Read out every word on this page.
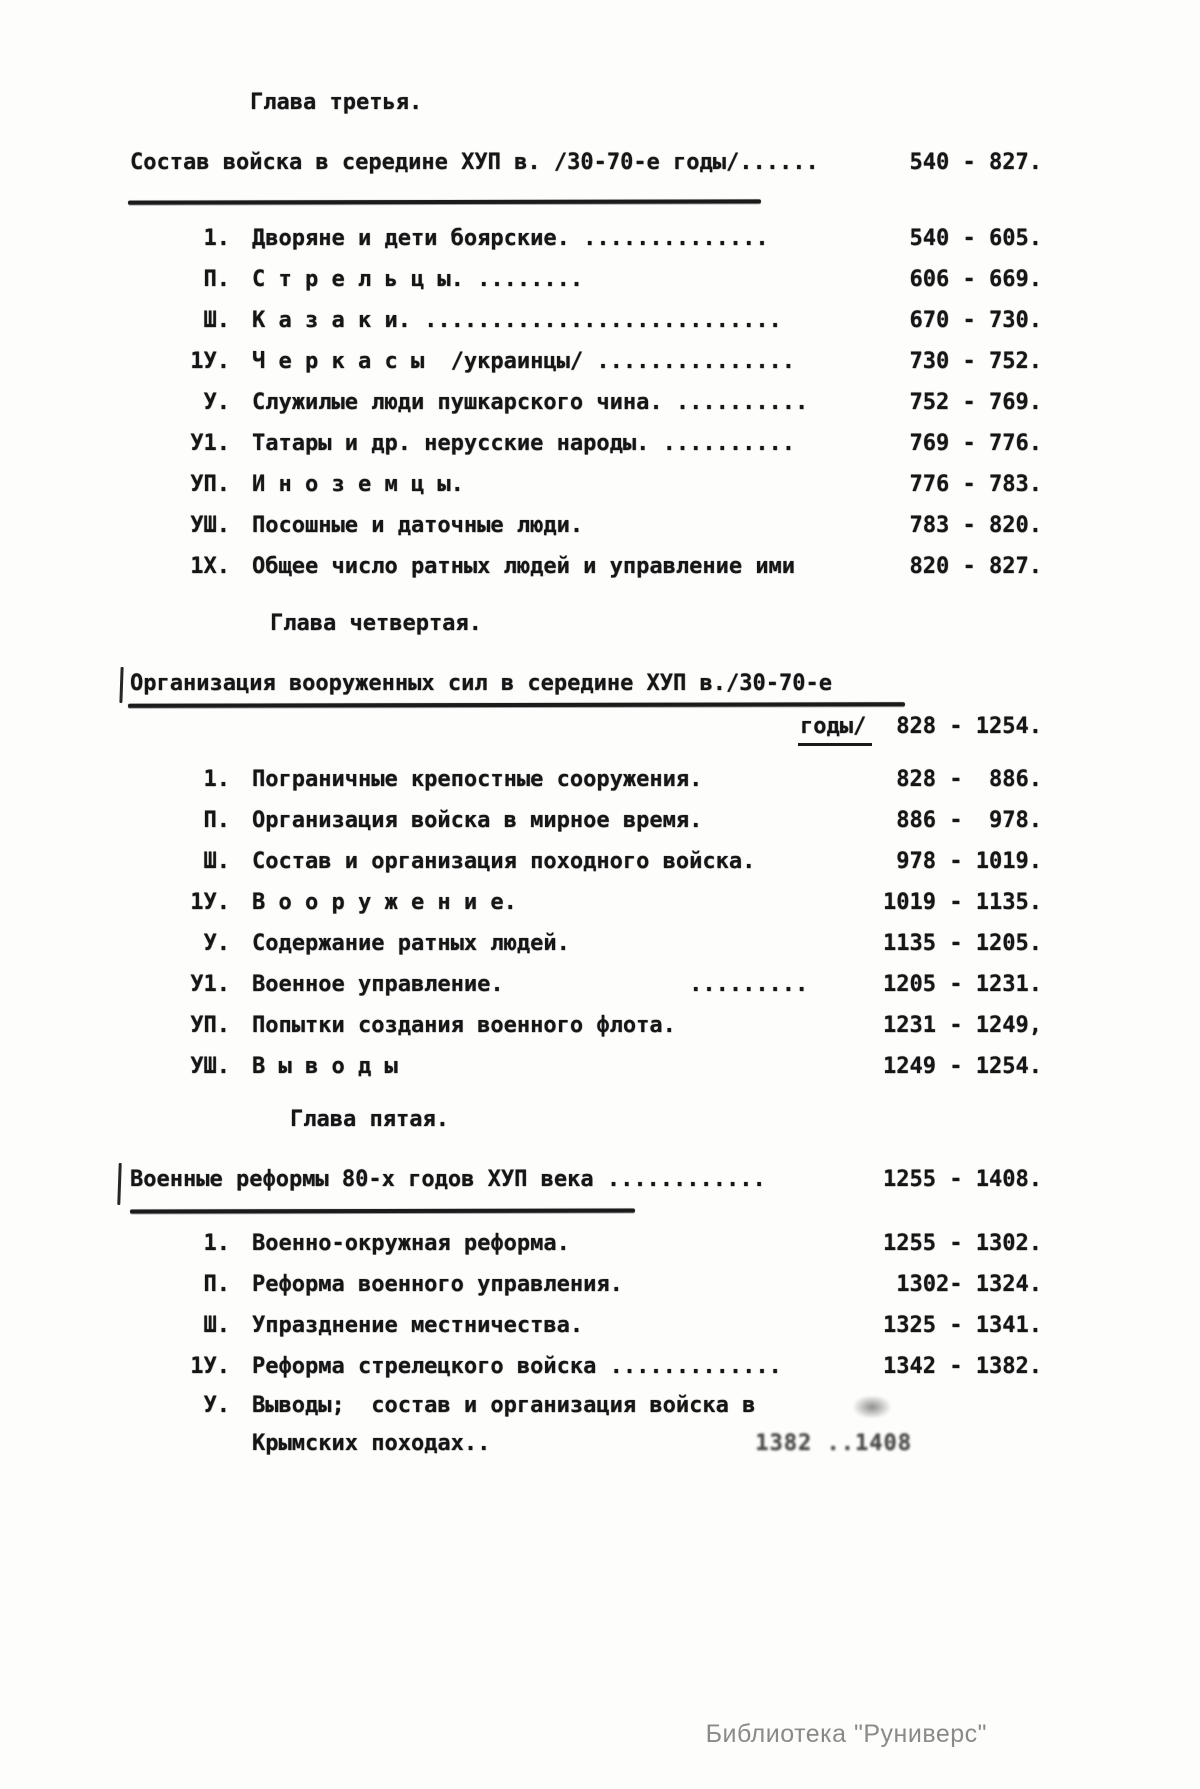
Глава третья.
Состав войска в середине ХУП в. /30-70-е годы/......	540 - 827.
1. Дворяне и дети боярские. ..............	540 - 605.
П. С т р е л ь ц ы. ........	606 - 669.
Ш. К а з а к и. ...........................	670 - 730.
1У. Ч е р к а с ы  /украинцы/ ...............	730 - 752.
У. Служилые люди пушкарского чина. ..........	752 - 769.
У1. Татары и др. нерусские народы. ..........	769 - 776.
УП. И н о з е м ц ы.	776 - 783.
УШ. Посошные и даточные люди.	783 - 820.
1Х. Общее число ратных людей и управление ими	820 - 827.
Глава четвертая.
Организация вооруженных сил в середине ХУП в./30-70-е
годы/ 828 - 1254.
1. Пограничные крепостные сооружения.	828 -  886.
П. Организация войска в мирное время.	886 -  978.
Ш. Состав и организация походного войска.	978 - 1019.
1У. В о о р у ж е н и е.	1019 - 1135.
У. Содержание ратных людей.	1135 - 1205.
У1. Военное управление.              .........	1205 - 1231.
УП. Попытки создания военного флота.	1231 - 1249,
УШ. В ы в о д ы	1249 - 1254.
Глава пятая.
Военные реформы 80-х годов ХУП века ............	1255 - 1408.
1. Военно-окружная реформа.	1255 - 1302.
П. Реформа военного управления.	1302- 1324.
Ш. Упразднение местничества.	1325 - 1341.
1У. Реформа стрелецкого войска .............	1342 - 1382.
У. Выводы;  состав и организация войска в
Крымских походах..	1382 ..1408
Библиотека "Руниверс"
